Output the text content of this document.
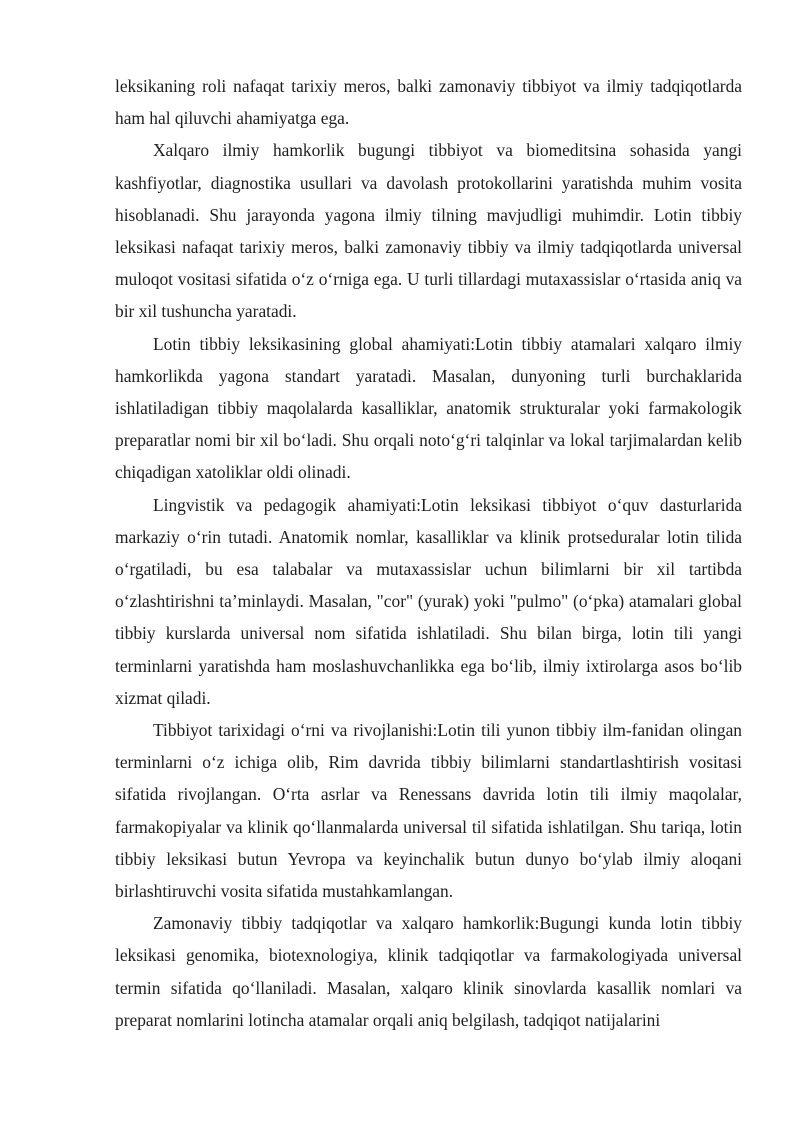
leksikaning roli nafaqat tarixiy meros, balki zamonaviy tibbiyot va ilmiy tadqiqotlarda ham hal qiluvchi ahamiyatga ega.

Xalqaro ilmiy hamkorlik bugungi tibbiyot va biomeditsina sohasida yangi kashfiyotlar, diagnostika usullari va davolash protokollarini yaratishda muhim vosita hisoblanadi. Shu jarayonda yagona ilmiy tilning mavjudligi muhimdir. Lotin tibbiy leksikasi nafaqat tarixiy meros, balki zamonaviy tibbiy va ilmiy tadqiqotlarda universal muloqot vositasi sifatida o‘z o‘rniga ega. U turli tillardagi mutaxassislar o‘rtasida aniq va bir xil tushuncha yaratadi.

Lotin tibbiy leksikasining global ahamiyati:Lotin tibbiy atamalari xalqaro ilmiy hamkorlikda yagona standart yaratadi. Masalan, dunyoning turli burchaklarida ishlatiladigan tibbiy maqolalarda kasalliklar, anatomik strukturalar yoki farmakologik preparatlar nomi bir xil bo‘ladi. Shu orqali noto‘g‘ri talqinlar va lokal tarjimalardan kelib chiqadigan xatoliklar oldi olinadi.

Lingvistik va pedagogik ahamiyati:Lotin leksikasi tibbiyot o‘quv dasturlarida markaziy o‘rin tutadi. Anatomik nomlar, kasalliklar va klinik protseduralar lotin tilida o‘rgatiladi, bu esa talabalar va mutaxassislar uchun bilimlarni bir xil tartibda o‘zlashtirishni ta’minlaydi. Masalan, "cor" (yurak) yoki "pulmo" (o‘pka) atamalari global tibbiy kurslarda universal nom sifatida ishlatiladi. Shu bilan birga, lotin tili yangi terminlarni yaratishda ham moslashuvchanlikka ega bo‘lib, ilmiy ixtirolarga asos bo‘lib xizmat qiladi.

Tibbiyot tarixidagi o‘rni va rivojlanishi:Lotin tili yunon tibbiy ilm-fanidan olingan terminlarni o‘z ichiga olib, Rim davrida tibbiy bilimlarni standartlashtirish vositasi sifatida rivojlangan. O‘rta asrlar va Renessans davrida lotin tili ilmiy maqolalar, farmakopiyalar va klinik qo‘llanmalarda universal til sifatida ishlatilgan. Shu tariqa, lotin tibbiy leksikasi butun Yevropa va keyinchalik butun dunyo bo‘ylab ilmiy aloqani birlashtiruvchi vosita sifatida mustahkamlangan.

Zamonaviy tibbiy tadqiqotlar va xalqaro hamkorlik:Bugungi kunda lotin tibbiy leksikasi genomika, biotexnologiya, klinik tadqiqotlar va farmakologiyada universal termin sifatida qo‘llaniladi. Masalan, xalqaro klinik sinovlarda kasallik nomlari va preparat nomlarini lotincha atamalar orqali aniq belgilash, tadqiqot natijalarini
